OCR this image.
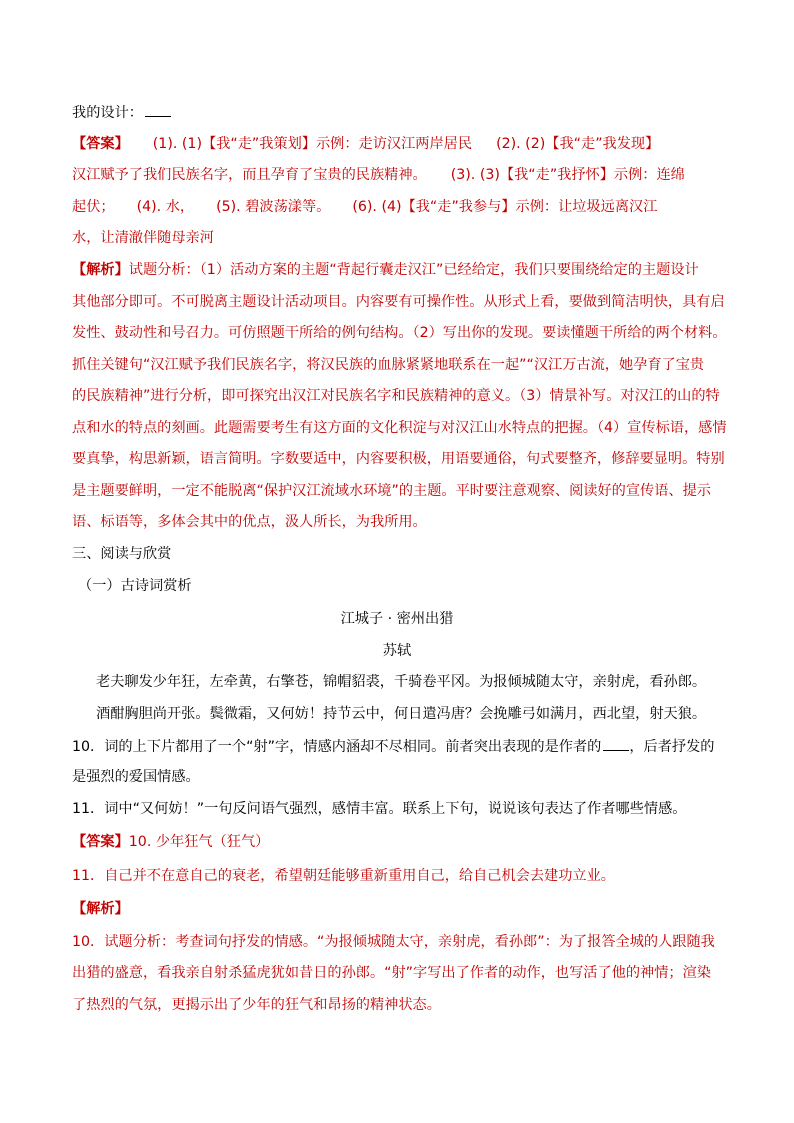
我的设计：
【答案】 (1). (1)【我“走”我策划】示例：走访汉江两岸居民 (2). (2)【我“走”我发现】
汉江赋予了我们民族名字，而且孕育了宝贵的民族精神。 (3). (3)【我“走”我抒怀】示例：连绵
起伏； (4). 水， (5). 碧波荡漾等。 (6). (4)【我“走”我参与】示例：让垃圾远离汉江
水，让清澈伴随母亲河
【解析】试题分析：（1）活动方案的主题“背起行囊走汉江”已经给定，我们只要围绕给定的主题设计
其他部分即可。不可脱离主题设计活动项目。内容要有可操作性。从形式上看，要做到简洁明快，具有启
发性、鼓动性和号召力。可仿照题干所给的例句结构。（2）写出你的发现。要读懂题干所给的两个材料。
抓住关键句“汉江赋予我们民族名字，将汉民族的血脉紧紧地联系在一起”“汉江万古流，她孕育了宝贵
的民族精神”进行分析，即可探究出汉江对民族名字和民族精神的意义。（3）情景补写。对汉江的山的特
点和水的特点的刻画。此题需要考生有这方面的文化积淀与对汉江山水特点的把握。（4）宣传标语，感情
要真挚，构思新颖，语言简明。字数要适中，内容要积极，用语要通俗，句式要整齐，修辞要显明。特别
是主题要鲜明，一定不能脱离“保护汉江流域水环境”的主题。平时要注意观察、阅读好的宣传语、提示
语、标语等，多体会其中的优点，汲人所长，为我所用。
三、阅读与欣赏
（一）古诗词赏析
江城子 · 密州出猎
苏轼
老夫聊发少年狂，左牵黄，右擎苍，锦帽貂裘，千骑卷平冈。为报倾城随太守，亲射虎，看孙郎。
酒酣胸胆尚开张。鬓微霜，又何妨！持节云中，何日遣冯唐？会挽雕弓如满月，西北望，射天狼。
10．词的上下片都用了一个“射”字，情感内涵却不尽相同。前者突出表现的是作者的 ，后者抒发的
是强烈的爱国情感。
11．词中“又何妨！”一句反问语气强烈，感情丰富。联系上下句，说说该句表达了作者哪些情感。
【答案】10. 少年狂气（狂气）
11．自己并不在意自己的衰老，希望朝廷能够重新重用自己，给自己机会去建功立业。
【解析】
10．试题分析：考查词句抒发的情感。“为报倾城随太守，亲射虎，看孙郎”：为了报答全城的人跟随我
出猎的盛意，看我亲自射杀猛虎犹如昔日的孙郎。“射”字写出了作者的动作，也写活了他的神情；渲染
了热烈的气氛，更揭示出了少年的狂气和昂扬的精神状态。
